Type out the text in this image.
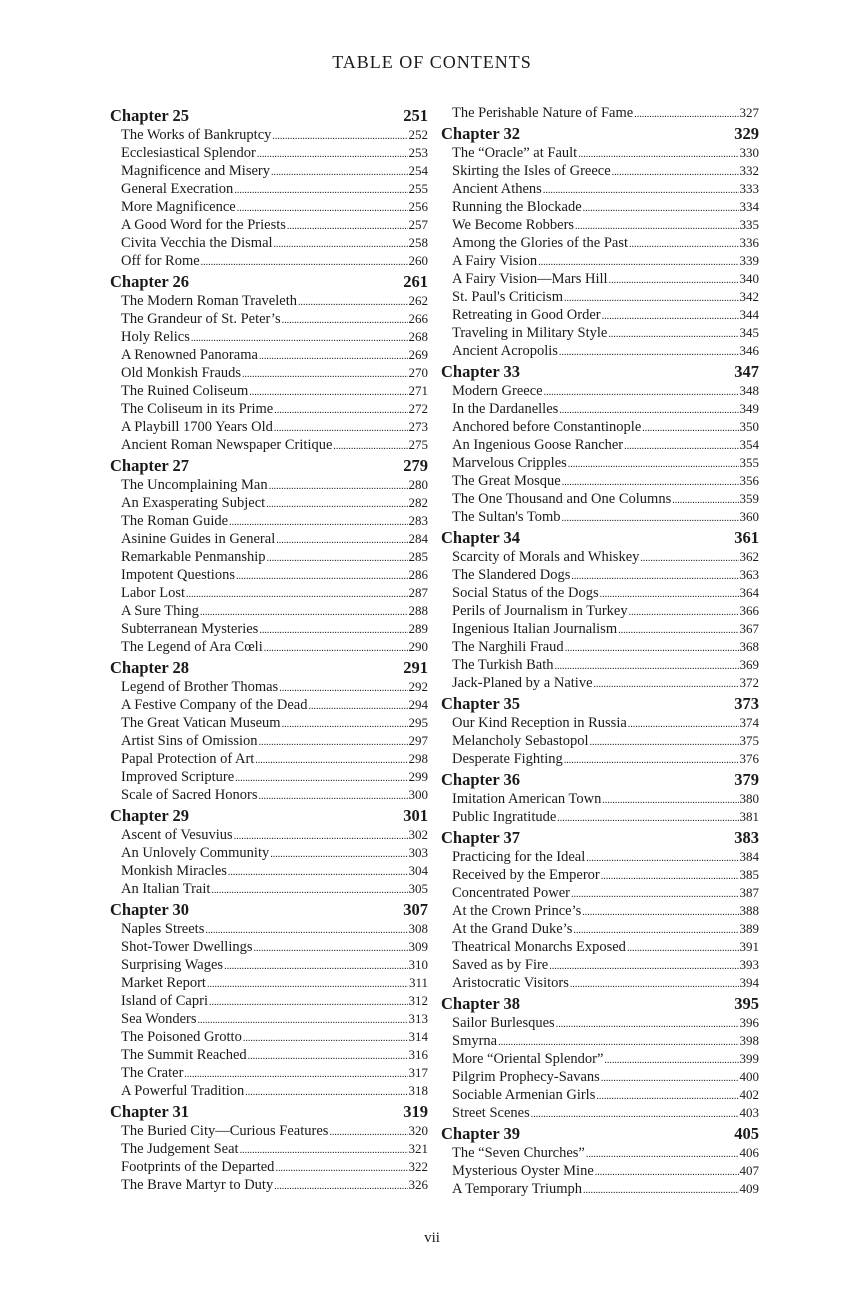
TABLE OF CONTENTS
Chapter 25	251
The Works of Bankruptcy .....	252
Ecclesiastical Splendor .....	253
Magnificence and Misery .....	254
General Execration .....	255
More Magnificence .....	256
A Good Word for the Priests .....	257
Civita Vecchia the Dismal .....	258
Off for Rome .....	260
Chapter 26	261
The Modern Roman Traveleth .....	262
The Grandeur of St. Peter’s .....	266
Holy Relics .....	268
A Renowned Panorama .....	269
Old Monkish Frauds .....	270
The Ruined Coliseum .....	271
The Coliseum in its Prime .....	272
A Playbill 1700 Years Old .....	273
Ancient Roman Newspaper Critique .....	275
Chapter 27	279
The Uncomplaining Man .....	280
An Exasperating Subject .....	282
The Roman Guide .....	283
Asinine Guides in General .....	284
Remarkable Penmanship .....	285
Impotent Questions .....	286
Labor Lost .....	287
A Sure Thing .....	288
Subterranean Mysteries .....	289
The Legend of Ara Cœli .....	290
Chapter 28	291
Legend of Brother Thomas .....	292
A Festive Company of the Dead .....	294
The Great Vatican Museum .....	295
Artist Sins of Omission .....	297
Papal Protection of Art .....	298
Improved Scripture .....	299
Scale of Sacred Honors .....	300
Chapter 29	301
Ascent of Vesuvius .....	302
An Unlovely Community .....	303
Monkish Miracles .....	304
An Italian Trait .....	305
Chapter 30	307
Naples Streets .....	308
Shot-Tower Dwellings .....	309
Surprising Wages .....	310
Market Report .....	311
Island of Capri .....	312
Sea Wonders .....	313
The Poisoned Grotto .....	314
The Summit Reached .....	316
The Crater .....	317
A Powerful Tradition .....	318
Chapter 31	319
The Buried City—Curious Features .....	320
The Judgement Seat .....	321
Footprints of the Departed .....	322
The Brave Martyr to Duty .....	326
The Perishable Nature of Fame .....	327
Chapter 32	329
The “Oracle” at Fault .....	330
Skirting the Isles of Greece .....	332
Ancient Athens .....	333
Running the Blockade .....	334
We Become Robbers .....	335
Among the Glories of the Past .....	336
A Fairy Vision .....	339
A Fairy Vision—Mars Hill .....	340
St. Paul's Criticism .....	342
Retreating in Good Order .....	344
Traveling in Military Style .....	345
Ancient Acropolis .....	346
Chapter 33	347
Modern Greece .....	348
In the Dardanelles .....	349
Anchored before Constantinople .....	350
An Ingenious Goose Rancher .....	354
Marvelous Cripples .....	355
The Great Mosque .....	356
The One Thousand and One Columns .....	359
The Sultan's Tomb .....	360
Chapter 34	361
Scarcity of Morals and Whiskey .....	362
The Slandered Dogs .....	363
Social Status of the Dogs .....	364
Perils of Journalism in Turkey .....	366
Ingenious Italian Journalism .....	367
The Narghili Fraud .....	368
The Turkish Bath .....	369
Jack-Planed by a Native .....	372
Chapter 35	373
Our Kind Reception in Russia .....	374
Melancholy Sebastopol .....	375
Desperate Fighting .....	376
Chapter 36	379
Imitation American Town .....	380
Public Ingratitude .....	381
Chapter 37	383
Practicing for the Ideal .....	384
Received by the Emperor .....	385
Concentrated Power .....	387
At the Crown Prince’s .....	388
At the Grand Duke’s .....	389
Theatrical Monarchs Exposed .....	391
Saved as by Fire .....	393
Aristocratic Visitors .....	394
Chapter 38	395
Sailor Burlesques .....	396
Smyrna .....	398
More “Oriental Splendor” .....	399
Pilgrim Prophecy-Savans .....	400
Sociable Armenian Girls .....	402
Street Scenes .....	403
Chapter 39	405
The “Seven Churches” .....	406
Mysterious Oyster Mine .....	407
A Temporary Triumph .....	409
vii
